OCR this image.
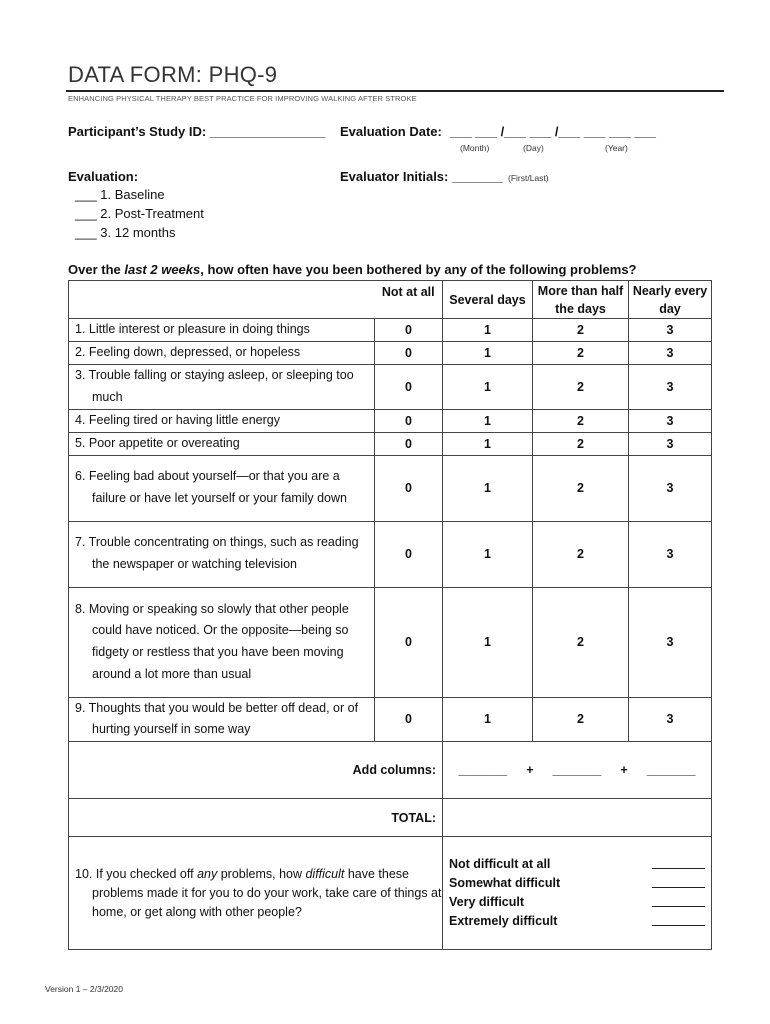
DATA FORM: PHQ-9
ENHANCING PHYSICAL THERAPY BEST PRACTICE FOR IMPROVING WALKING AFTER STROKE
Participant’s Study ID: ________________ Evaluation Date: ___ ___ /___ ___ /___ ___ ___ ___
(Month)	(Day)	(Year)
Evaluation:
___ 1. Baseline
___ 2. Post-Treatment
___ 3. 12 months
Evaluator Initials: _______ (First/Last)
Over the last 2 weeks, how often have you been bothered by any of the following problems?
	Not at all	Several days	More than half the days	Nearly every day

1. Little interest or pleasure in doing things	0	1	2	3

2. Feeling down, depressed, or hopeless	0	1	2	3

3. Trouble falling or staying asleep, or sleeping too much	0	1	2	3

4. Feeling tired or having little energy	0	1	2	3

5. Poor appetite or overeating	0	1	2	3

6. Feeling bad about yourself—or that you are a failure or have let yourself or your family down	0	1	2	3

7. Trouble concentrating on things, such as reading the newspaper or watching television	0	1	2	3

8. Moving or speaking so slowly that other people could have noticed. Or the opposite—being so fidgety or restless that you have been moving around a lot more than usual	0	1	2	3

9. Thoughts that you would be better off dead, or of hurting yourself in some way	0	1	2	3
Add columns:		_______ + _______ + _______		

TOTAL:				

10. If you checked off any problems, how difficult have these problems made it for you to do your work, take care of things at home, or get along with other people?		Not difficult at all
Somewhat difficult
Very difficult
Extremely difficult		
Version 1 – 2/3/2020
